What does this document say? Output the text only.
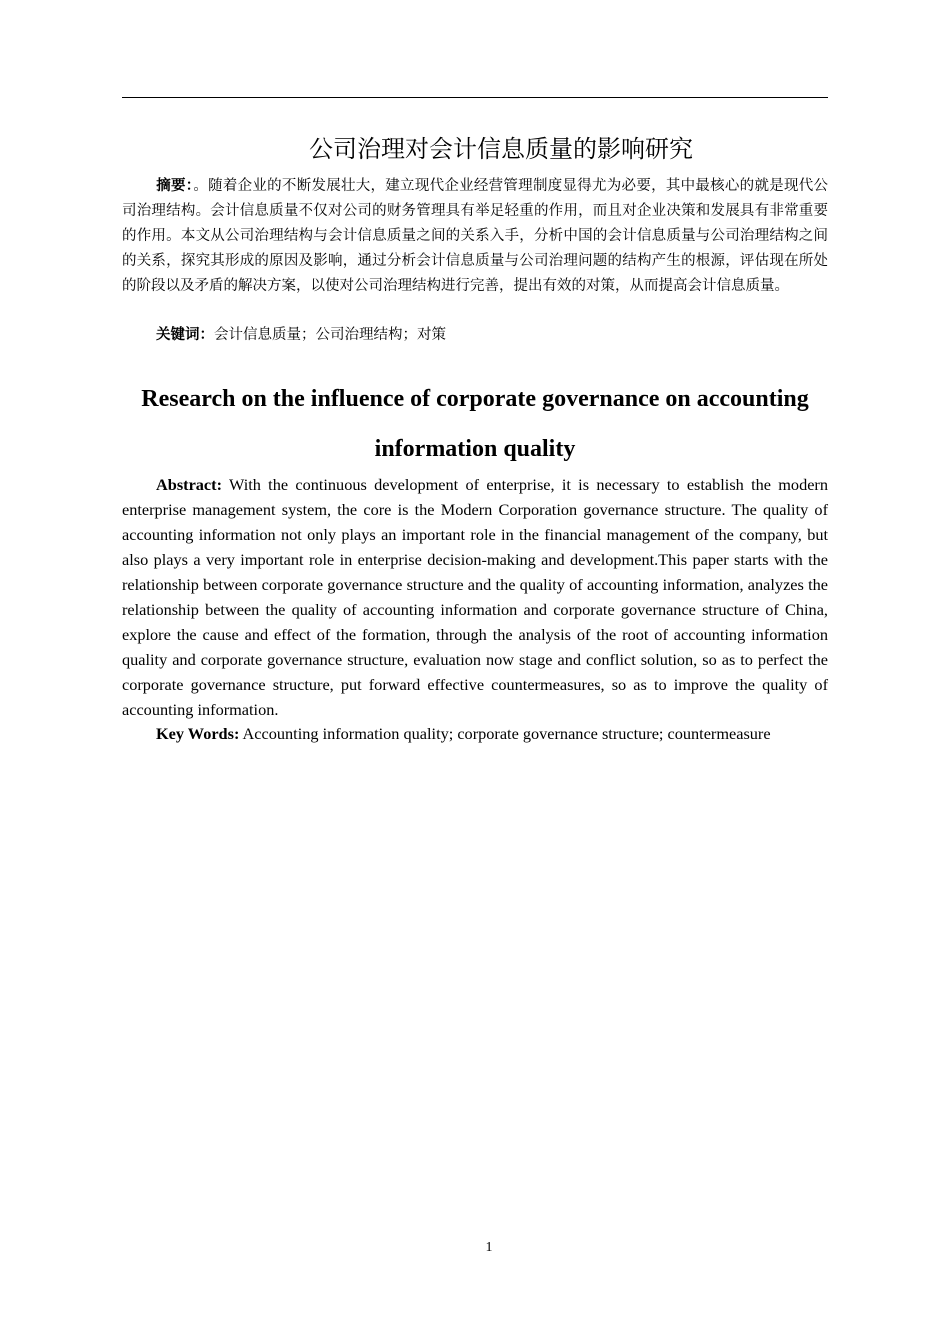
公司治理对会计信息质量的影响研究

摘要：。随着企业的不断发展壮大，建立现代企业经营管理制度显得尤为必要，其中最核心的就是现代公司治理结构。会计信息质量不仅对公司的财务管理具有举足轻重的作用，而且对企业决策和发展具有非常重要的作用。本文从公司治理结构与会计信息质量之间的关系入手，分析中国的会计信息质量与公司治理结构之间的关系，探究其形成的原因及影响，通过分析会计信息质量与公司治理问题的结构产生的根源，评估现在所处的阶段以及矛盾的解决方案，以使对公司治理结构进行完善，提出有效的对策，从而提高会计信息质量。

关键词：会计信息质量；公司治理结构；对策

Research on the influence of corporate governance on accounting
information quality

Abstract: With the continuous development of enterprise, it is necessary to establish the modern enterprise management system, the core is the Modern Corporation governance structure. The quality of accounting information not only plays an important role in the financial management of the company, but also plays a very important role in enterprise decision-making and development.This paper starts with the relationship between corporate governance structure and the quality of accounting information, analyzes the relationship between the quality of accounting information and corporate governance structure of China, explore the cause and effect of the formation, through the analysis of the root of accounting information quality and corporate governance structure, evaluation now stage and conflict solution, so as to perfect the corporate governance structure, put forward effective countermeasures, so as to improve the quality of accounting information.

Key Words: Accounting information quality; corporate governance structure; countermeasure

1
